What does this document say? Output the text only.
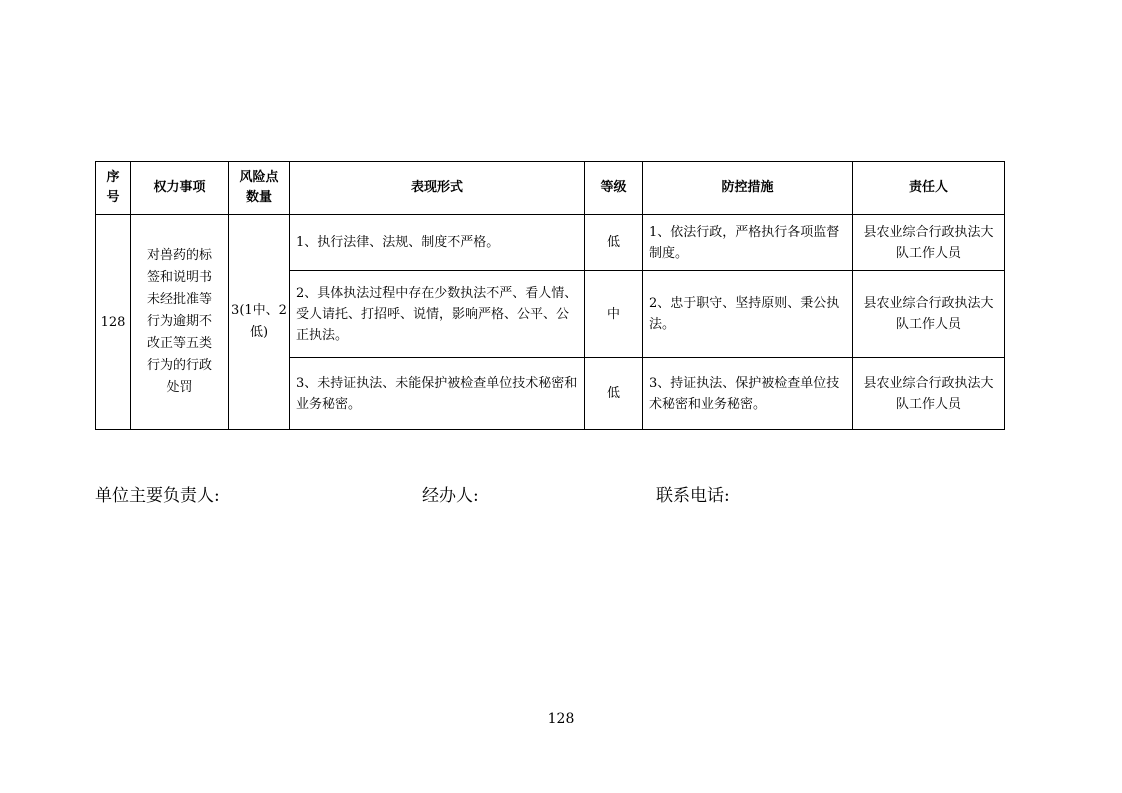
序号	权力事项	风险点数量	表现形式	等级	防控措施	责任人
128	对兽药的标签和说明书未经批准等行为逾期不改正等五类行为的行政处罚	3(1中、2低)	1、执行法律、法规、制度不严格。	低	1、依法行政，严格执行各项监督制度。	县农业综合行政执法大队工作人员
			2、具体执法过程中存在少数执法不严、看人情、受人请托、打招呼、说情，影响严格、公平、公正执法。	中	2、忠于职守、坚持原则、秉公执法。	县农业综合行政执法大队工作人员
			3、未持证执法、未能保护被检查单位技术秘密和业务秘密。	低	3、持证执法、保护被检查单位技术秘密和业务秘密。	县农业综合行政执法大队工作人员
单位主要负责人:	经办人:	联系电话:
128
